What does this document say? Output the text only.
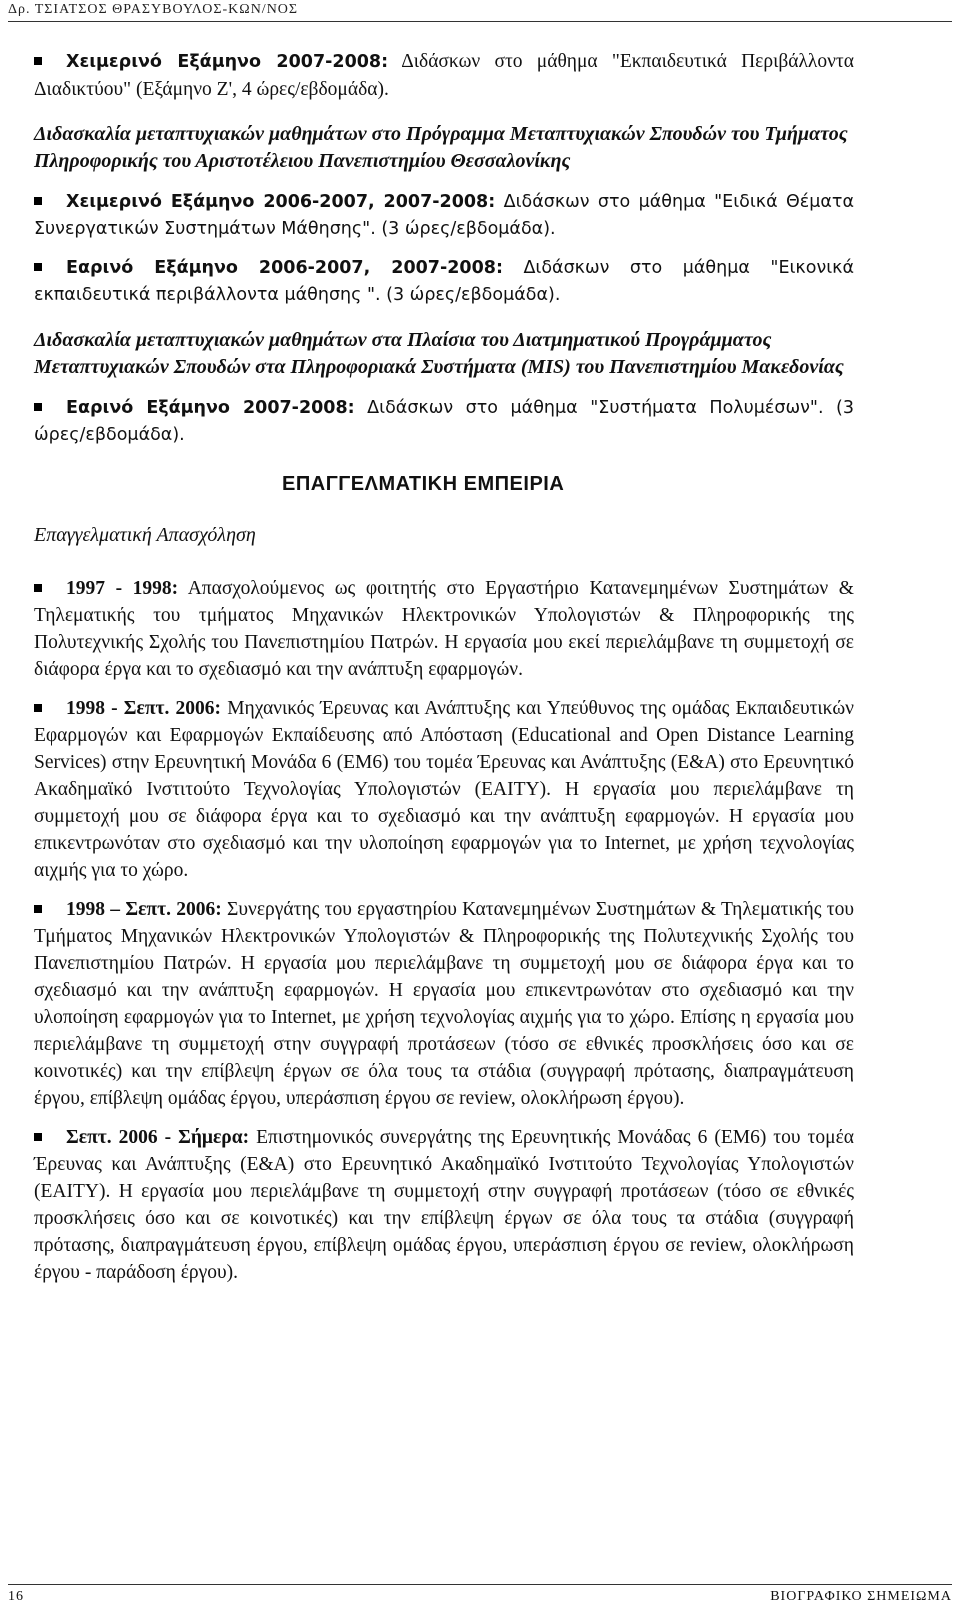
Δρ. ΤΣΙΑΤΣΟΣ ΘΡΑΣΥΒΟΥΛΟΣ-ΚΩΝ/ΝΟΣ

Χειμερινό Εξάμηνο 2007-2008: Διδάσκων στο μάθημα "Εκπαιδευτικά Περιβάλλοντα Διαδικτύου" (Εξάμηνο Ζ', 4 ώρες/εβδομάδα).

Διδασκαλία μεταπτυχιακών μαθημάτων στο Πρόγραμμα Μεταπτυχιακών Σπουδών του Τμήματος Πληροφορικής του Αριστοτέλειου Πανεπιστημίου Θεσσαλονίκης

Χειμερινό Εξάμηνο 2006-2007, 2007-2008: Διδάσκων στο μάθημα "Ειδικά Θέματα Συνεργατικών Συστημάτων Μάθησης". (3 ώρες/εβδομάδα).

Εαρινό Εξάμηνο 2006-2007, 2007-2008: Διδάσκων στο μάθημα "Εικονικά εκπαιδευτικά περιβάλλοντα μάθησης ". (3 ώρες/εβδομάδα).

Διδασκαλία μεταπτυχιακών μαθημάτων στα Πλαίσια του Διατμηματικού Προγράμματος Μεταπτυχιακών Σπουδών στα Πληροφοριακά Συστήματα (MIS) του Πανεπιστημίου Μακεδονίας

Εαρινό Εξάμηνο 2007-2008: Διδάσκων στο μάθημα "Συστήματα Πολυμέσων". (3 ώρες/εβδομάδα).

ΕΠΑΓΓΕΛΜΑΤΙΚΗ ΕΜΠΕΙΡΙΑ
Επαγγελματική Απασχόληση

1997 - 1998: Απασχολούμενος ως φοιτητής στο Εργαστήριο Κατανεμημένων Συστημάτων & Τηλεματικής του τμήματος Μηχανικών Ηλεκτρονικών Υπολογιστών & Πληροφορικής της Πολυτεχνικής Σχολής του Πανεπιστημίου Πατρών. Η εργασία μου εκεί περιελάμβανε τη συμμετοχή σε διάφορα έργα και το σχεδιασμό και την ανάπτυξη εφαρμογών.

1998 - Σεπτ. 2006: Μηχανικός Έρευνας και Ανάπτυξης και Υπεύθυνος της ομάδας Εκπαιδευτικών Εφαρμογών και Εφαρμογών Εκπαίδευσης από Απόσταση (Educational and Open Distance Learning Services) στην Ερευνητική Μονάδα 6 (ΕΜ6) του τομέα Έρευνας και Ανάπτυξης (Ε&Α) στο Ερευνητικό Ακαδημαϊκό Ινστιτούτο Τεχνολογίας Υπολογιστών (ΕΑΙΤΥ). Η εργασία μου περιελάμβανε τη συμμετοχή μου σε διάφορα έργα και το σχεδιασμό και την ανάπτυξη εφαρμογών. Η εργασία μου επικεντρωνόταν στο σχεδιασμό και την υλοποίηση εφαρμογών για το Internet, με χρήση τεχνολογίας αιχμής για το χώρο.

1998 – Σεπτ. 2006: Συνεργάτης του εργαστηρίου Κατανεμημένων Συστημάτων & Τηλεματικής του Τμήματος Μηχανικών Ηλεκτρονικών Υπολογιστών & Πληροφορικής της Πολυτεχνικής Σχολής του Πανεπιστημίου Πατρών. Η εργασία μου περιελάμβανε τη συμμετοχή μου σε διάφορα έργα και το σχεδιασμό και την ανάπτυξη εφαρμογών. Η εργασία μου επικεντρωνόταν στο σχεδιασμό και την υλοποίηση εφαρμογών για το Internet, με χρήση τεχνολογίας αιχμής για το χώρο. Επίσης η εργασία μου περιελάμβανε τη συμμετοχή στην συγγραφή προτάσεων (τόσο σε εθνικές προσκλήσεις όσο και σε κοινοτικές) και την επίβλεψη έργων σε όλα τους τα στάδια (συγγραφή πρότασης, διαπραγμάτευση έργου, επίβλεψη ομάδας έργου, υπεράσπιση έργου σε review, ολοκλήρωση έργου).

Σεπτ. 2006 - Σήμερα: Επιστημονικός συνεργάτης της Ερευνητικής Μονάδας 6 (ΕΜ6) του τομέα Έρευνας και Ανάπτυξης (Ε&Α) στο Ερευνητικό Ακαδημαϊκό Ινστιτούτο Τεχνολογίας Υπολογιστών (ΕΑΙΤΥ). Η εργασία μου περιελάμβανε τη συμμετοχή στην συγγραφή προτάσεων (τόσο σε εθνικές προσκλήσεις όσο και σε κοινοτικές) και την επίβλεψη έργων σε όλα τους τα στάδια (συγγραφή πρότασης, διαπραγμάτευση έργου, επίβλεψη ομάδας έργου, υπεράσπιση έργου σε review, ολοκλήρωση έργου - παράδοση έργου).

16	ΒΙΟΓΡΑΦΙΚΟ ΣΗΜΕΙΩΜΑ
